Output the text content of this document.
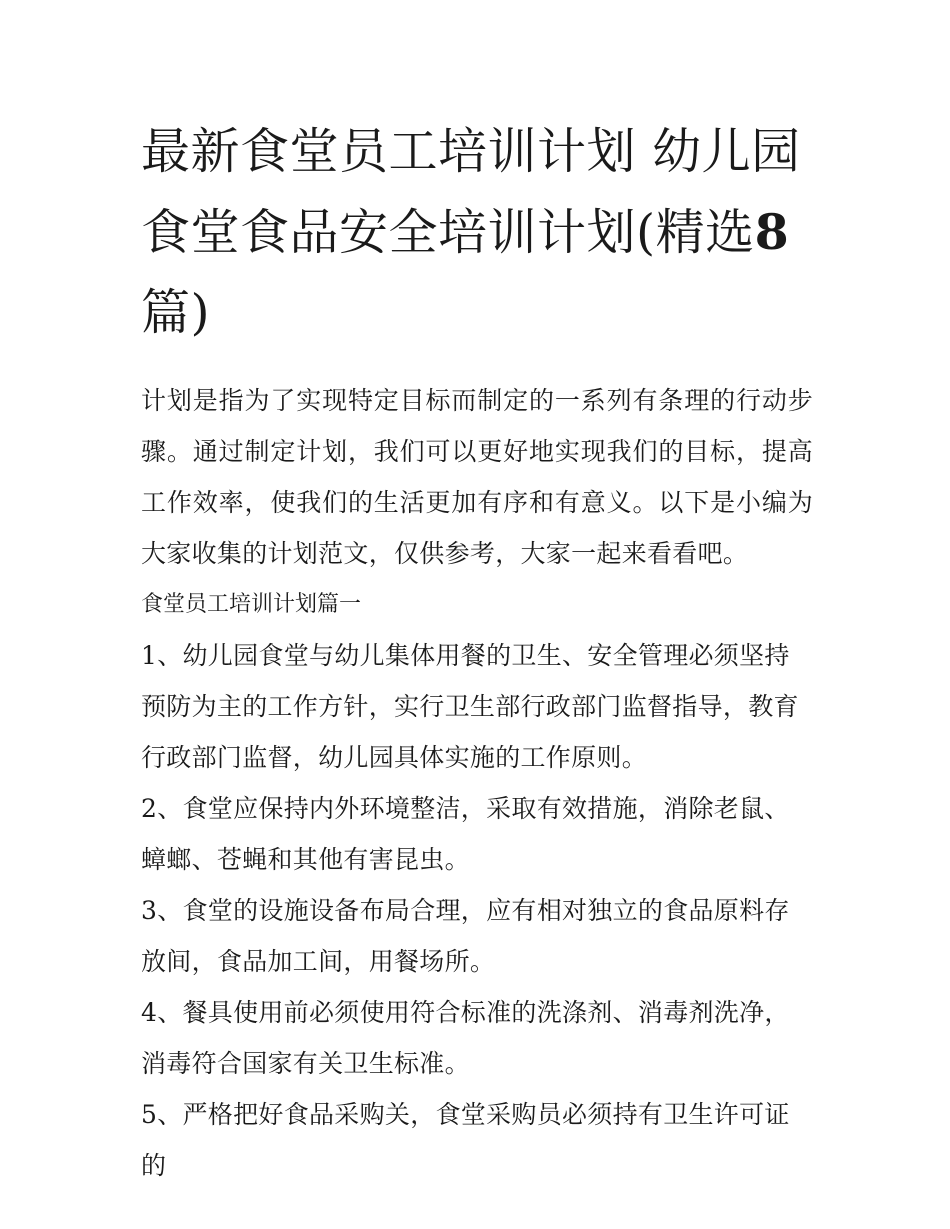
最新食堂员工培训计划 幼儿园食堂食品安全培训计划(精选8
篇)

计划是指为了实现特定目标而制定的一系列有条理的行动步骤。通过制定计划，我们可以更好地实现我们的目标，提高工作效率，使我们的生活更加有序和有意义。以下是小编为大家收集的计划范文，仅供参考，大家一起来看看吧。

食堂员工培训计划篇一

1、幼儿园食堂与幼儿集体用餐的卫生、安全管理必须坚持预防为主的工作方针，实行卫生部行政部门监督指导，教育行政部门监督，幼儿园具体实施的工作原则。

2、食堂应保持内外环境整洁，采取有效措施，消除老鼠、蟑螂、苍蝇和其他有害昆虫。

3、食堂的设施设备布局合理，应有相对独立的食品原料存放间，食品加工间，用餐场所。

4、餐具使用前必须使用符合标准的洗涤剂、消毒剂洗净，消毒符合国家有关卫生标准。

5、严格把好食品采购关，食堂采购员必须持有卫生许可证的
